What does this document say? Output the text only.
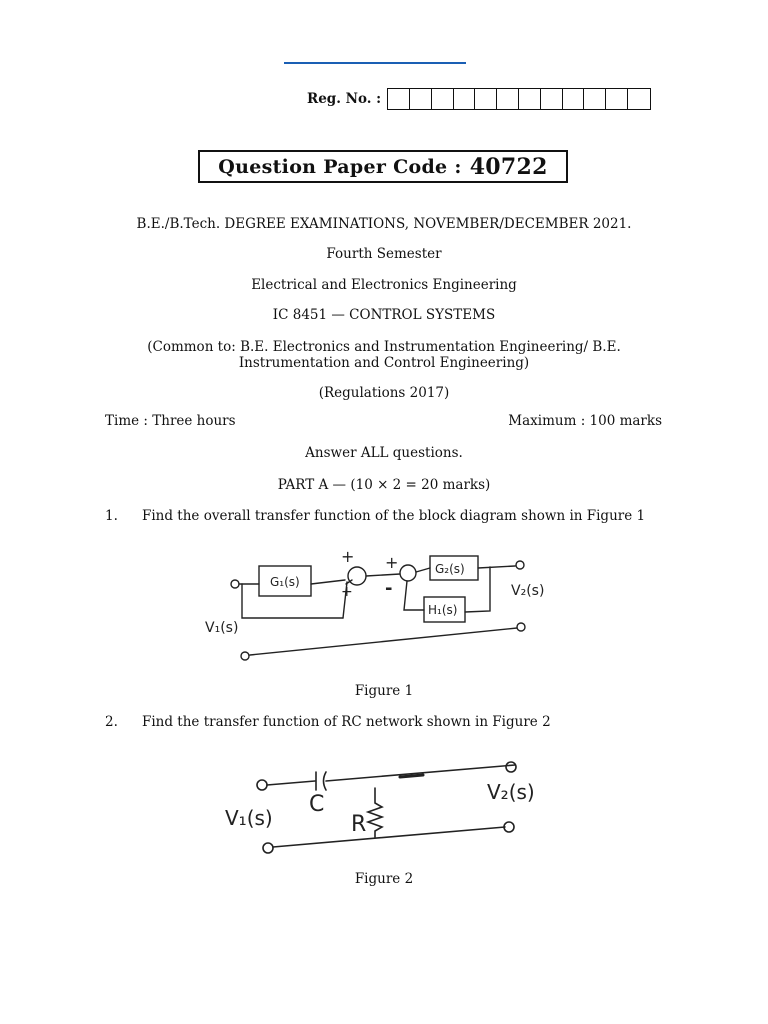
Reg. No. :
Question Paper Code : 40722
B.E./B.Tech. DEGREE EXAMINATIONS, NOVEMBER/DECEMBER 2021.
Fourth Semester
Electrical and Electronics Engineering
IC 8451 — CONTROL SYSTEMS
(Common to: B.E. Electronics and Instrumentation Engineering/ B.E.
Instrumentation and Control Engineering)
(Regulations 2017)
Time : Three hours	Maximum : 100 marks
Answer ALL questions.
PART A — (10 × 2 = 20 marks)
1.	Find the overall transfer function of the block diagram shown in Figure 1
G₁(s)
G₂(s)
H₁(s)
V₁(s)
V₂(s)
+
+
+
-
Figure 1
2.	Find the transfer function of RC network shown in Figure 2
C
R
V₁(s)
V₂(s)
Figure 2
